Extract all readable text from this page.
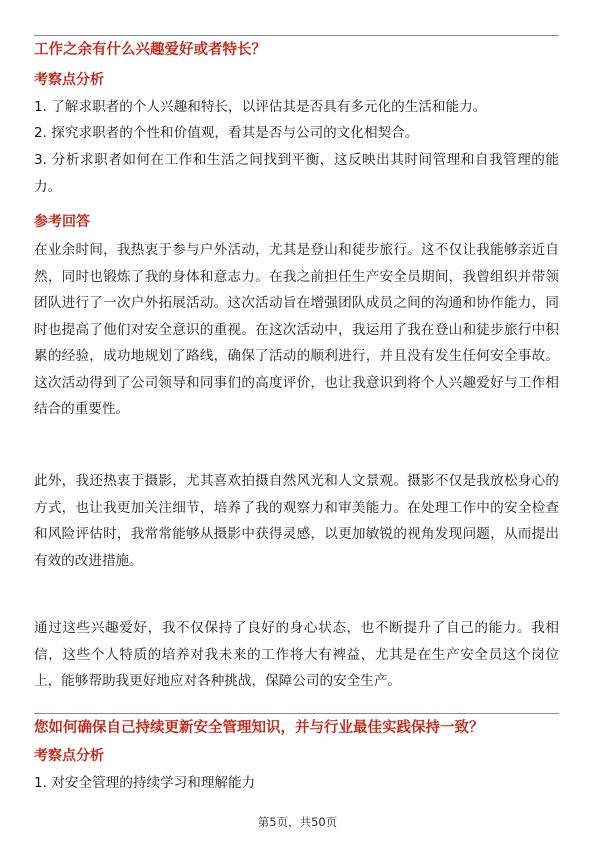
工作之余有什么兴趣爱好或者特长？
考察点分析

1. 了解求职者的个人兴趣和特长，以评估其是否具有多元化的生活和能力。

2. 探究求职者的个性和价值观，看其是否与公司的文化相契合。

3. 分析求职者如何在工作和生活之间找到平衡，这反映出其时间管理和自我管理的能力。

参考回答

在业余时间，我热衷于参与户外活动，尤其是登山和徒步旅行。这不仅让我能够亲近自然，同时也锻炼了我的身体和意志力。在我之前担任生产安全员期间，我曾组织并带领团队进行了一次户外拓展活动。这次活动旨在增强团队成员之间的沟通和协作能力，同时也提高了他们对安全意识的重视。在这次活动中，我运用了我在登山和徒步旅行中积累的经验，成功地规划了路线，确保了活动的顺利进行，并且没有发生任何安全事故。这次活动得到了公司领导和同事们的高度评价，也让我意识到将个人兴趣爱好与工作相结合的重要性。

此外，我还热衷于摄影，尤其喜欢拍摄自然风光和人文景观。摄影不仅是我放松身心的方式，也让我更加关注细节，培养了我的观察力和审美能力。在处理工作中的安全检查和风险评估时，我常常能够从摄影中获得灵感，以更加敏锐的视角发现问题，从而提出有效的改进措施。

通过这些兴趣爱好，我不仅保持了良好的身心状态，也不断提升了自己的能力。我相信，这些个人特质的培养对我未来的工作将大有裨益，尤其是在生产安全员这个岗位上，能够帮助我更好地应对各种挑战，保障公司的安全生产。

您如何确保自己持续更新安全管理知识，并与行业最佳实践保持一致？
考察点分析

1. 对安全管理的持续学习和理解能力

第5页，共50页
